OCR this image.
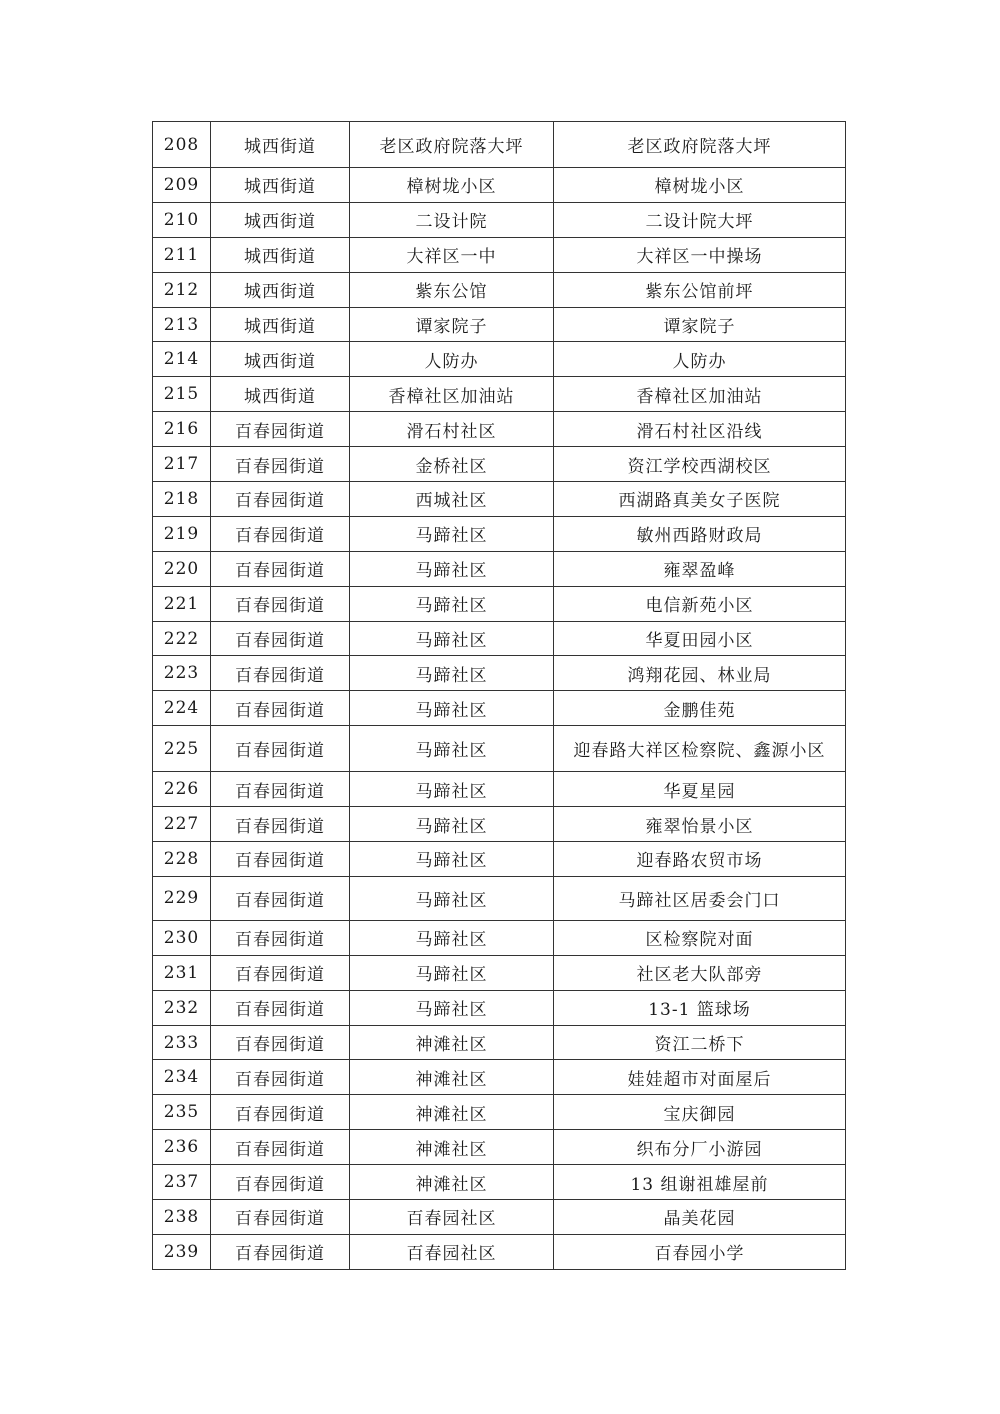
208	城西街道	老区政府院落大坪	老区政府院落大坪
209	城西街道	樟树垅小区	樟树垅小区
210	城西街道	二设计院	二设计院大坪
211	城西街道	大祥区一中	大祥区一中操场
212	城西街道	紫东公馆	紫东公馆前坪
213	城西街道	谭家院子	谭家院子
214	城西街道	人防办	人防办
215	城西街道	香樟社区加油站	香樟社区加油站
216	百春园街道	滑石村社区	滑石村社区沿线
217	百春园街道	金桥社区	资江学校西湖校区
218	百春园街道	西城社区	西湖路真美女子医院
219	百春园街道	马蹄社区	敏州西路财政局
220	百春园街道	马蹄社区	雍翠盈峰
221	百春园街道	马蹄社区	电信新苑小区
222	百春园街道	马蹄社区	华夏田园小区
223	百春园街道	马蹄社区	鸿翔花园、林业局
224	百春园街道	马蹄社区	金鹏佳苑
225	百春园街道	马蹄社区	迎春路大祥区检察院、鑫源小区
226	百春园街道	马蹄社区	华夏星园
227	百春园街道	马蹄社区	雍翠怡景小区
228	百春园街道	马蹄社区	迎春路农贸市场
229	百春园街道	马蹄社区	马蹄社区居委会门口
230	百春园街道	马蹄社区	区检察院对面
231	百春园街道	马蹄社区	社区老大队部旁
232	百春园街道	马蹄社区	13-1 篮球场
233	百春园街道	神滩社区	资江二桥下
234	百春园街道	神滩社区	娃娃超市对面屋后
235	百春园街道	神滩社区	宝庆御园
236	百春园街道	神滩社区	织布分厂小游园
237	百春园街道	神滩社区	13 组谢祖雄屋前
238	百春园街道	百春园社区	晶美花园
239	百春园街道	百春园社区	百春园小学
